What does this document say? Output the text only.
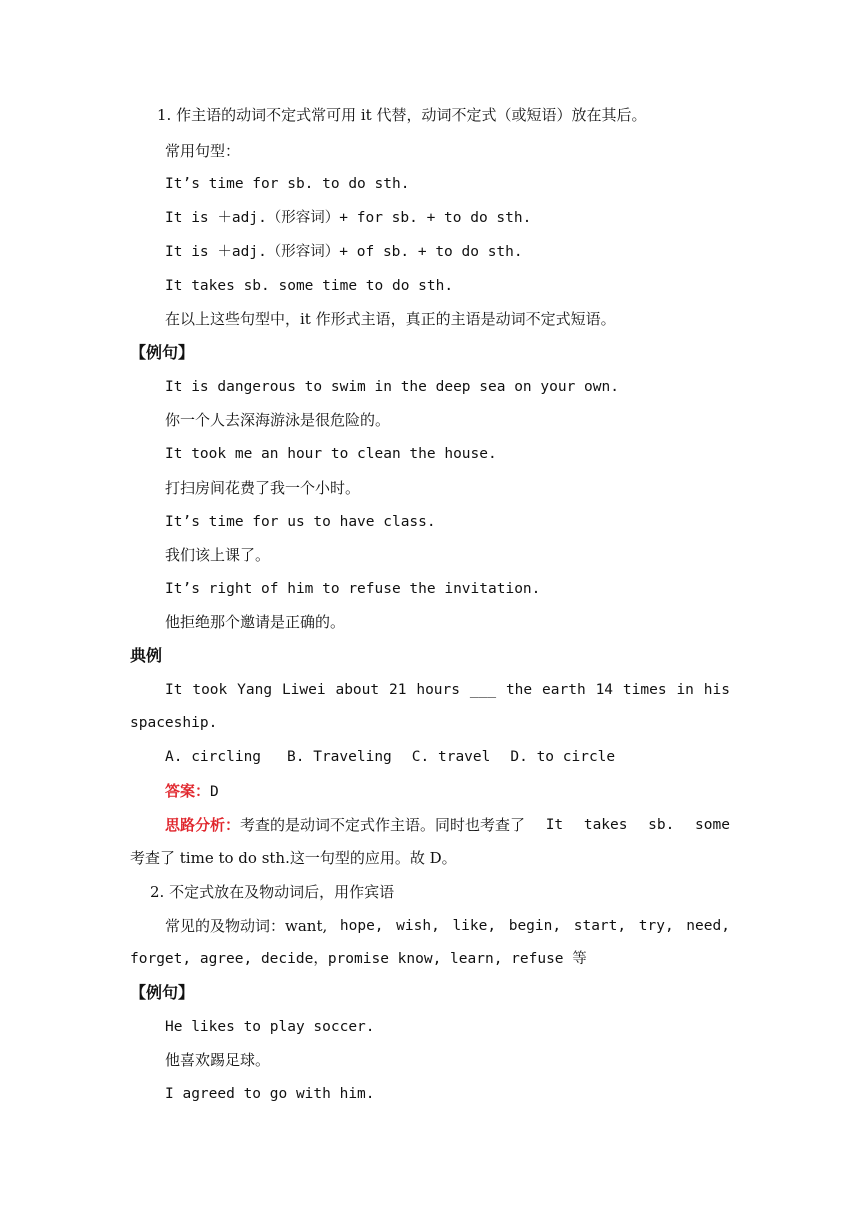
1. 作主语的动词不定式常可用 it 代替，动词不定式（或短语）放在其后。
常用句型：
It’s time for sb. to do sth.
It is ＋adj.（形容词）+ for sb. + to do sth.
It is ＋adj.（形容词）+ of sb. + to do sth.
It takes sb. some time to do sth.
在以上这些句型中，it 作形式主语，真正的主语是动词不定式短语。
【例句】
It is dangerous to swim in the deep sea on your own.
你一个人去深海游泳是很危险的。
It took me an hour to clean the house.
打扫房间花费了我一个小时。
It’s time for us to have class.
我们该上课了。
It’s right of him to refuse the invitation.
他拒绝那个邀请是正确的。
典例
It took Yang Liwei about 21 hours ___ the earth 14 times in his
spaceship.
A. circling B. Traveling C. travel D. to circle
答案：D
思路分析：考查的是动词不定式作主语。同时也考查了 It takes sb. some
考查了 time to do sth.这一句型的应用。故 D。
2. 不定式放在及物动词后，用作宾语
常见的及物动词：want, hope, wish, like, begin, start, try, need,
forget, agree, decide，promise know, learn, refuse 等
【例句】
He likes to play soccer.
他喜欢踢足球。
I agreed to go with him.
